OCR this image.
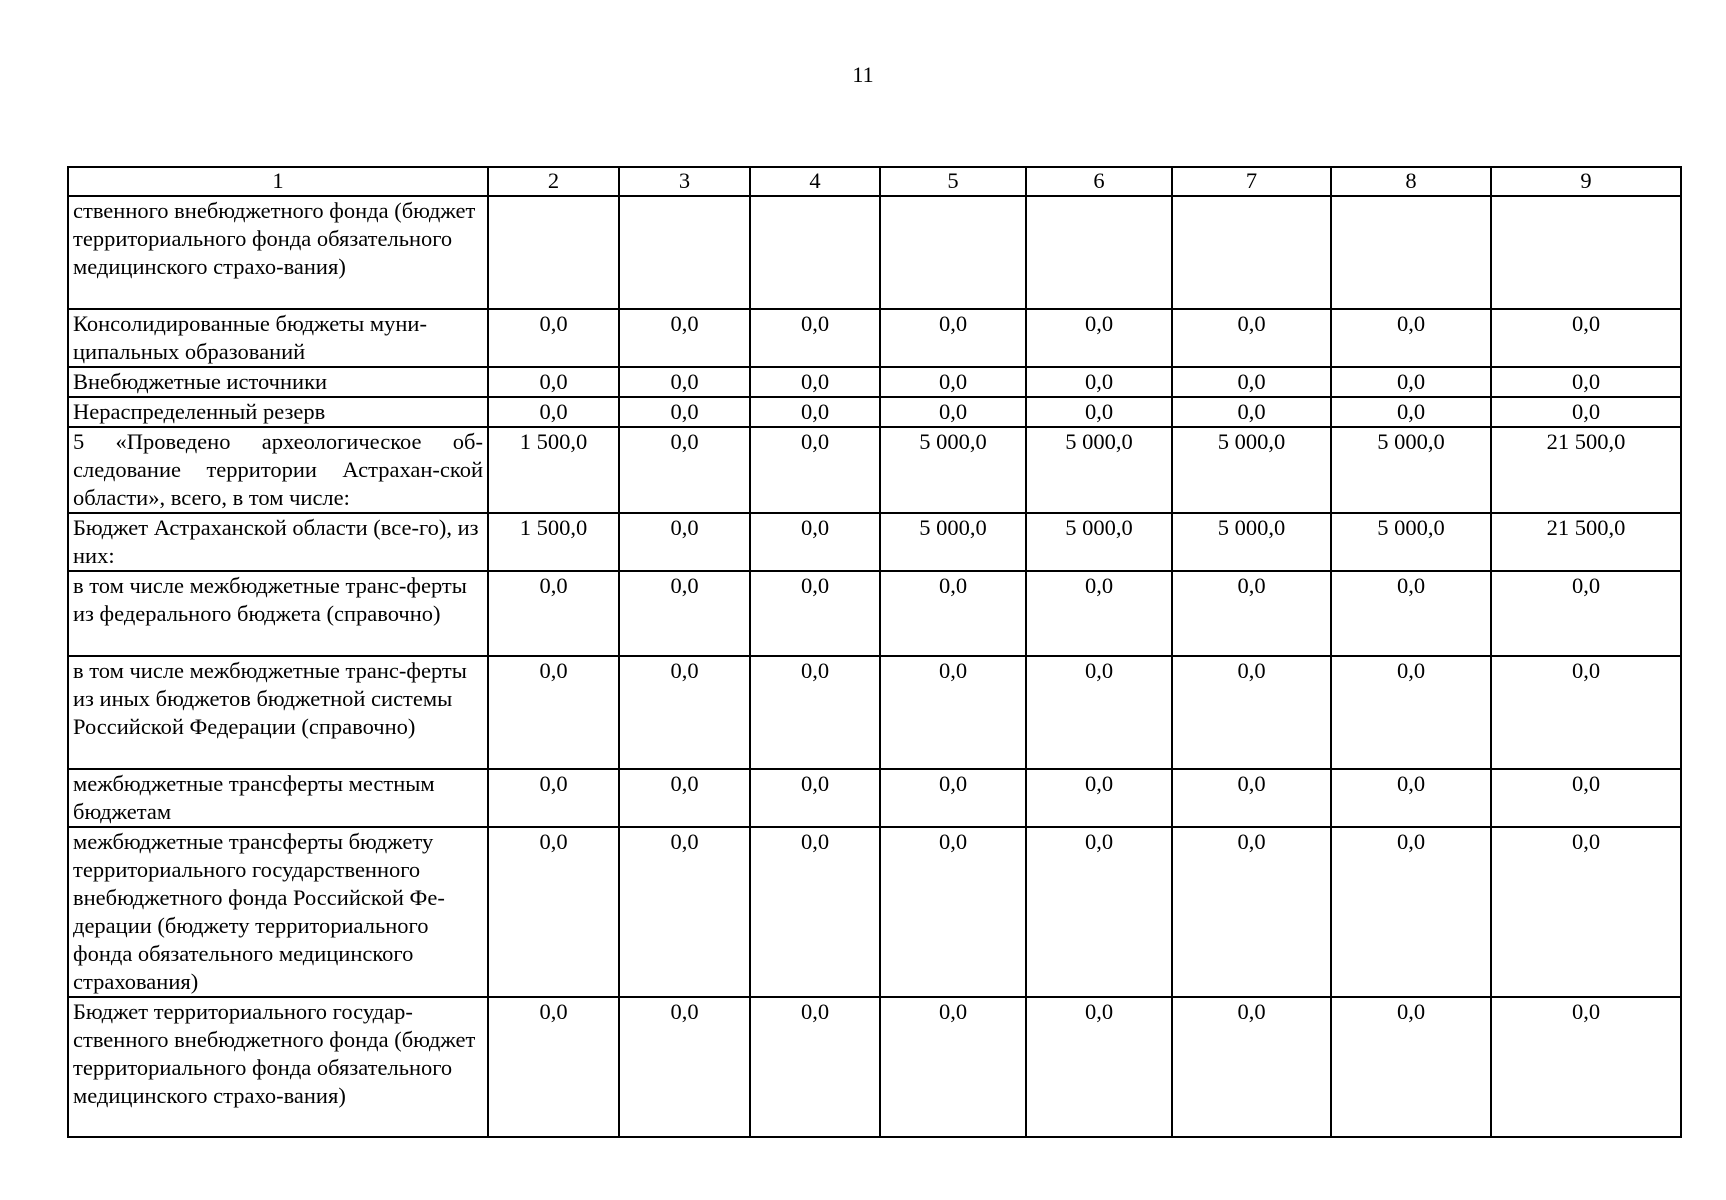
11
1	2	3	4	5	6	7	8	9
ственного внебюджетного фонда (бюджет территориального фонда обязательного медицинского страхо-вания)								
Консолидированные бюджеты муни-ципальных образований	0,0	0,0	0,0	0,0	0,0	0,0	0,0	0,0
Внебюджетные источники	0,0	0,0	0,0	0,0	0,0	0,0	0,0	0,0
Нераспределенный резерв	0,0	0,0	0,0	0,0	0,0	0,0	0,0	0,0
5 «Проведено археологическое об-следование территории Астрахан-ской области», всего, в том числе:	1 500,0	0,0	0,0	5 000,0	5 000,0	5 000,0	5 000,0	21 500,0
Бюджет Астраханской области (все-го), из них:	1 500,0	0,0	0,0	5 000,0	5 000,0	5 000,0	5 000,0	21 500,0
в том числе межбюджетные транс-ферты из федерального бюджета (справочно)	0,0	0,0	0,0	0,0	0,0	0,0	0,0	0,0
в том числе межбюджетные транс-ферты из иных бюджетов бюджетной системы Российской Федерации (справочно)	0,0	0,0	0,0	0,0	0,0	0,0	0,0	0,0
межбюджетные трансферты местным бюджетам	0,0	0,0	0,0	0,0	0,0	0,0	0,0	0,0
межбюджетные трансферты бюджету территориального государственного внебюджетного фонда Российской Фе-дерации (бюджету территориального фонда обязательного медицинского страхования)	0,0	0,0	0,0	0,0	0,0	0,0	0,0	0,0
Бюджет территориального государ-ственного внебюджетного фонда (бюджет территориального фонда обязательного медицинского страхо-вания)	0,0	0,0	0,0	0,0	0,0	0,0	0,0	0,0
